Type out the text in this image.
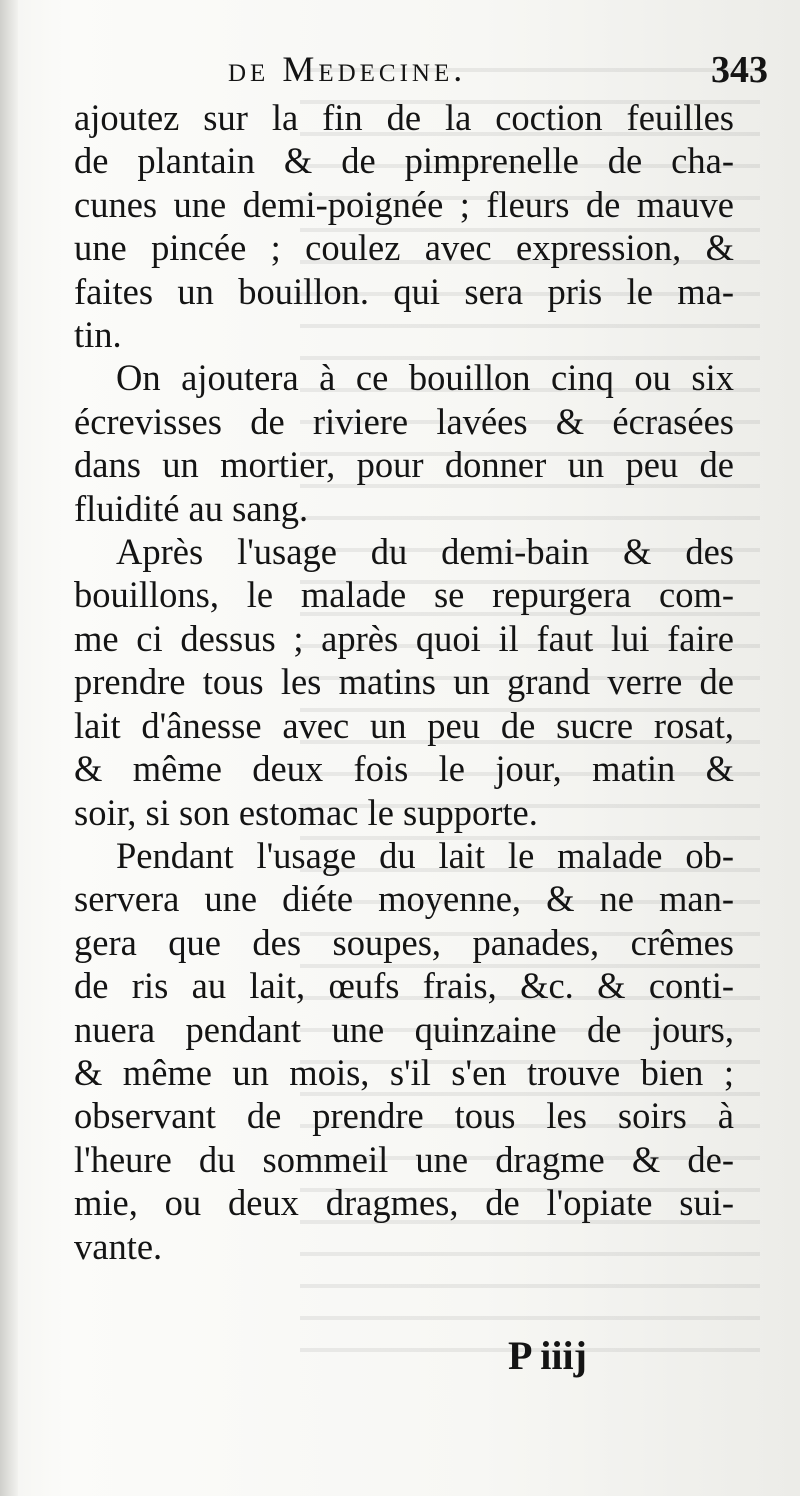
de Medecine.	343

ajoutez sur la fin de la coction feuilles
de plantain & de pimprenelle de cha-
cunes une demi-poignée ; fleurs de mauve
une pincée ; coulez avec expression, &
faites un bouillon. qui sera pris le ma-
tin.

On ajoutera à ce bouillon cinq ou six
écrevisses de riviere lavées & écrasées
dans un mortier, pour donner un peu de
fluidité au sang.

Après l'usage du demi-bain & des
bouillons, le malade se repurgera com-
me ci dessus ; après quoi il faut lui faire
prendre tous les matins un grand verre de
lait d'ânesse avec un peu de sucre rosat,
& même deux fois le jour, matin &
soir, si son estomac le supporte.

Pendant l'usage du lait le malade ob-
servera une diéte moyenne, & ne man-
gera que des soupes, panades, crêmes
de ris au lait, œufs frais, &c. & conti-
nuera pendant une quinzaine de jours,
& même un mois, s'il s'en trouve bien ;
observant de prendre tous les soirs à
l'heure du sommeil une dragme & de-
mie, ou deux dragmes, de l'opiate sui-
vante.

P iiij
